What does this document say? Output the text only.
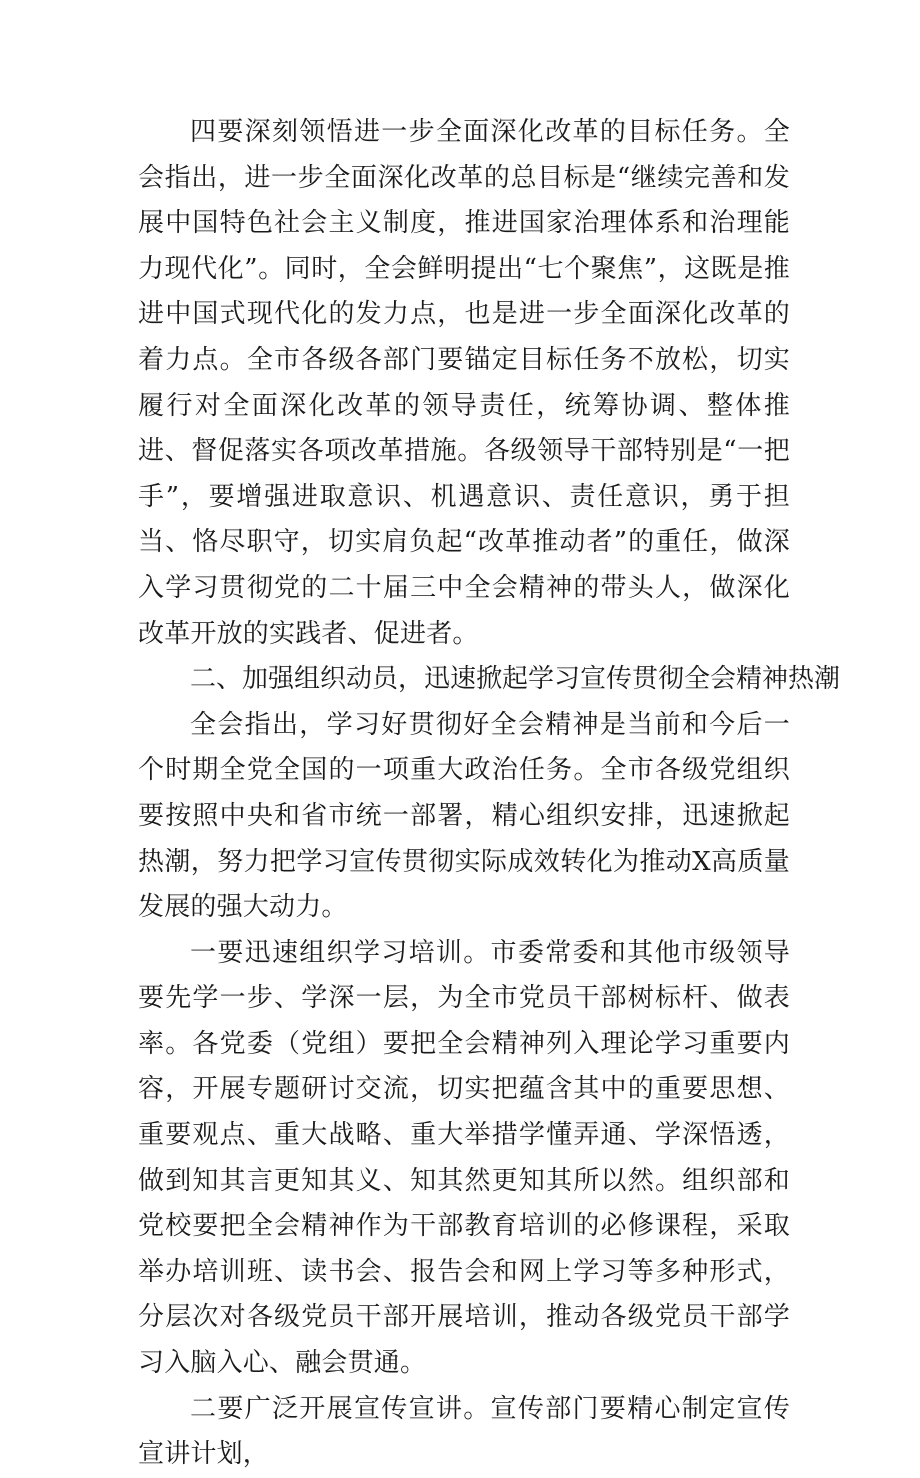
四要深刻领悟进一步全面深化改革的目标任务。全会指出，进一步全面深化改革的总目标是“继续完善和发展中国特色社会主义制度，推进国家治理体系和治理能力现代化”。同时，全会鲜明提出“七个聚焦”，这既是推进中国式现代化的发力点，也是进一步全面深化改革的着力点。全市各级各部门要锚定目标任务不放松，切实履行对全面深化改革的领导责任，统筹协调、整体推进、督促落实各项改革措施。各级领导干部特别是“一把手”，要增强进取意识、机遇意识、责任意识，勇于担当、恪尽职守，切实肩负起“改革推动者”的重任，做深入学习贯彻党的二十届三中全会精神的带头人，做深化改革开放的实践者、促进者。

二、加强组织动员，迅速掀起学习宣传贯彻全会精神热潮

全会指出，学习好贯彻好全会精神是当前和今后一个时期全党全国的一项重大政治任务。全市各级党组织要按照中央和省市统一部署，精心组织安排，迅速掀起热潮，努力把学习宣传贯彻实际成效转化为推动X高质量发展的强大动力。

一要迅速组织学习培训。市委常委和其他市级领导要先学一步、学深一层，为全市党员干部树标杆、做表率。各党委（党组）要把全会精神列入理论学习重要内容，开展专题研讨交流，切实把蕴含其中的重要思想、重要观点、重大战略、重大举措学懂弄通、学深悟透，做到知其言更知其义、知其然更知其所以然。组织部和党校要把全会精神作为干部教育培训的必修课程，采取举办培训班、读书会、报告会和网上学习等多种形式，分层次对各级党员干部开展培训，推动各级党员干部学习入脑入心、融会贯通。

二要广泛开展宣传宣讲。宣传部门要精心制定宣传宣讲计划，
